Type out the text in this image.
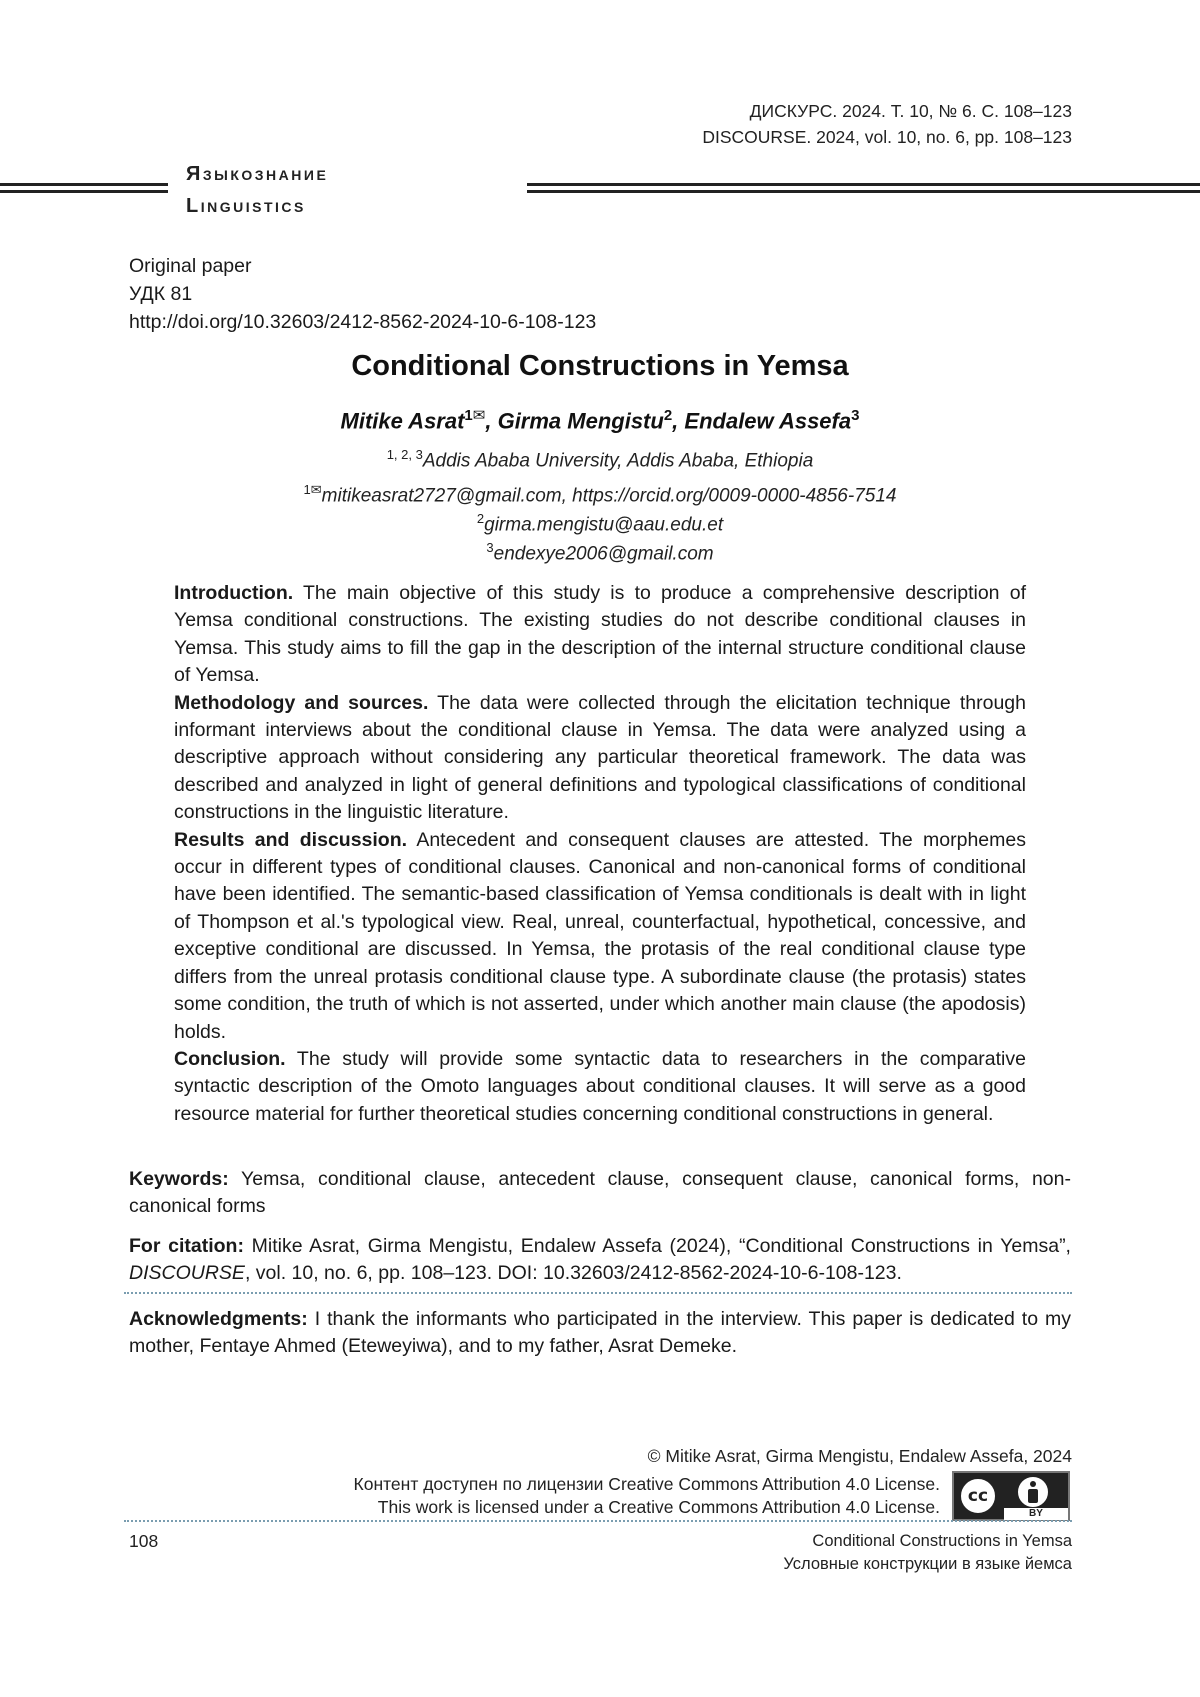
ДИСКУРС. 2024. Т. 10, № 6. С. 108–123
DISCOURSE. 2024, vol. 10, no. 6, pp. 108–123
Языкознание
Linguistics
Original paper
УДК 81
http://doi.org/10.32603/2412-8562-2024-10-6-108-123
Conditional Constructions in Yemsa
Mitike Asrat$^{1✉}$, Girma Mengistu$^2$, Endalew Assefa$^3$
$^{1, 2, 3}$Addis Ababa University, Addis Ababa, Ethiopia
$^{1✉}$mitikeasrat2727@gmail.com, https://orcid.org/0009-0000-4856-7514
$^2$girma.mengistu@aau.edu.et
$^3$endexye2006@gmail.com

Introduction. The main objective of this study is to produce a comprehensive description of Yemsa conditional constructions. The existing studies do not describe conditional clauses in Yemsa. This study aims to fill the gap in the description of the internal structure conditional clause of Yemsa.

Methodology and sources. The data were collected through the elicitation technique through informant interviews about the conditional clause in Yemsa. The data were analyzed using a descriptive approach without considering any particular theoretical framework. The data was described and analyzed in light of general definitions and typological classifications of conditional constructions in the linguistic literature.

Results and discussion. Antecedent and consequent clauses are attested. The morphemes occur in different types of conditional clauses. Canonical and non-canonical forms of conditional have been identified. The semantic-based classification of Yemsa conditionals is dealt with in light of Thompson et al.'s typological view. Real, unreal, counterfactual, hypothetical, concessive, and exceptive conditional are discussed. In Yemsa, the protasis of the real conditional clause type differs from the unreal protasis conditional clause type. A subordinate clause (the protasis) states some condition, the truth of which is not asserted, under which another main clause (the apodosis) holds.

Conclusion. The study will provide some syntactic data to researchers in the comparative syntactic description of the Omoto languages about conditional clauses. It will serve as a good resource material for further theoretical studies concerning conditional constructions in general.

Keywords: Yemsa, conditional clause, antecedent clause, consequent clause, canonical forms, non-canonical forms
For citation: Mitike Asrat, Girma Mengistu, Endalew Assefa (2024), “Conditional Constructions in Yemsa”, DISCOURSE, vol. 10, no. 6, pp. 108–123. DOI: 10.32603/2412-8562-2024-10-6-108-123.
Acknowledgments: I thank the informants who participated in the interview. This paper is dedicated to my mother, Fentaye Ahmed (Eteweyiwa), and to my father, Asrat Demeke.
© Mitike Asrat, Girma Mengistu, Endalew Assefa, 2024
Контент доступен по лицензии Creative Commons Attribution 4.0 License.
This work is licensed under a Creative Commons Attribution 4.0 License.
cc
BY
108	Conditional Constructions in Yemsa
Условные конструкции в языке йемса
